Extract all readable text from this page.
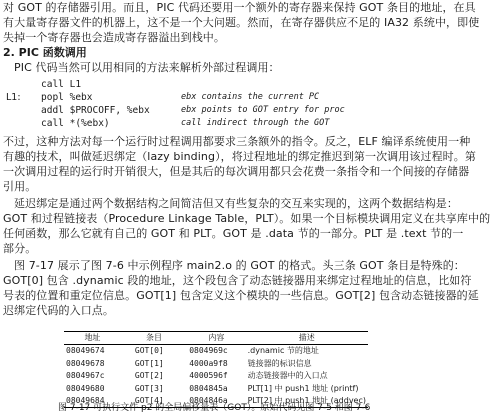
对 GOT 的存储器引用。而且，PIC 代码还要用一个额外的寄存器来保持 GOT 条目的地址，在具
有大量寄存器文件的机器上，这不是一个大问题。然而，在寄存器供应不足的 IA32 系统中，即使
失掉一个寄存器也会造成寄存器溢出到栈中。
2. PIC 函数调用
PIC 代码当然可以用相同的方法来解析外部过程调用：
call L1
L1: popl %ebx	ebx contains the current PC
addl $PROCOFF, %ebx	ebx points to GOT entry for proc
call *(%ebx)	call indirect through the GOT
不过，这种方法对每一个运行时过程调用都要求三条额外的指令。反之，ELF 编译系统使用一种
有趣的技术，叫做延迟绑定（lazy binding），将过程地址的绑定推迟到第一次调用该过程时。第
一次调用过程的运行时开销很大，但是其后的每次调用都只会花费一条指令和一个间接的存储器
引用。
延迟绑定是通过两个数据结构之间简洁但又有些复杂的交互来实现的，这两个数据结构是：
GOT 和过程链接表（Procedure Linkage Table，PLT）。如果一个目标模块调用定义在共享库中的
任何函数，那么它就有自己的 GOT 和 PLT。GOT 是 .data 节的一部分。PLT 是 .text 节的一
部分。
图 7-17 展示了图 7-6 中示例程序 main2.o 的 GOT 的格式。头三条 GOT 条目是特殊的：
GOT[0] 包含 .dynamic 段的地址，这个段包含了动态链接器用来绑定过程地址的信息，比如符
号表的位置和重定位信息。GOT[1] 包含定义这个模块的一些信息。GOT[2] 包含动态链接器的延
迟绑定代码的入口点。
地址	条目	内容	描述
08049674	GOT[0]	0804969c	.dynamic 节的地址
08049678	GOT[1]	4000a9f8	链接器的标识信息
0804967c	GOT[2]	4000596f	动态链接器中的入口点
08049680	GOT[3]	0804845a	PLT[1] 中 push1 地址 (printf)
08049684	GOT[4]	0804846a	PLT[2] 中 push1 地址 (addvec)
图 7-17 可执行文件 p2 的全局偏移量表（GOT）。原始代码见图 7-5 和图 7-6
